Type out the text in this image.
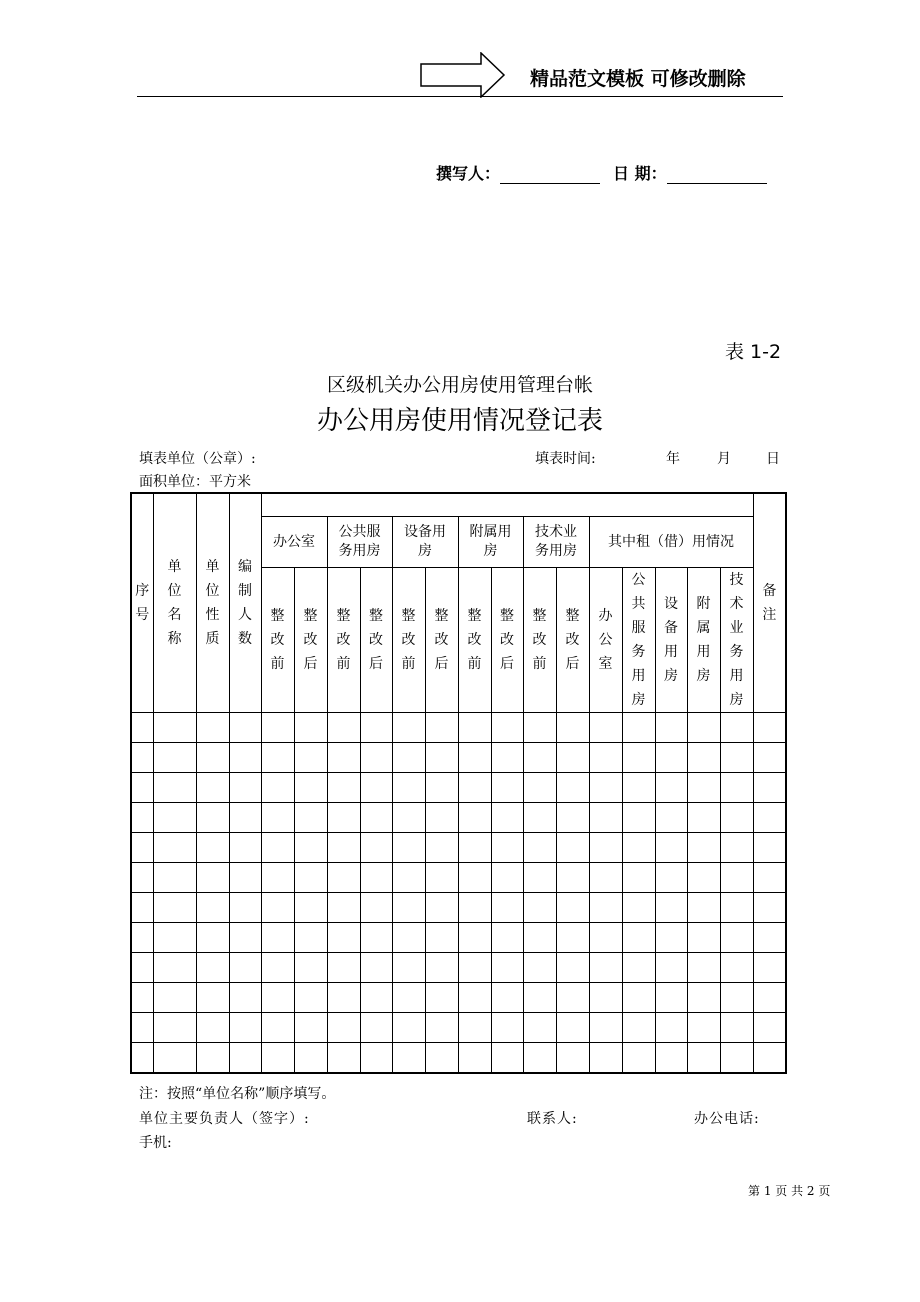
精品范文模板 可修改删除
撰写人：	日 期：
表 1-2
区级机关办公用房使用管理台帐
办公用房使用情况登记表
填表单位（公章）:	填表时间:	年	月	日
面积单位：平方米
序号	单位名称	单位性质	编制人数																备注
				办公室		公共服务用房		设备用房		附属用房		技术业务用房		其中租（借）用情况					
				整改前	整改后	整改前	整改后	整改前	整改后	整改前	整改后	整改前	整改后	办公室	公共服务用房	设备用房	附属用房	技术业务用房	

注：按照“单位名称”顺序填写。
单位主要负责人（签字）:	联系人:	办公电话:
手机:
第 1 页 共 2 页
